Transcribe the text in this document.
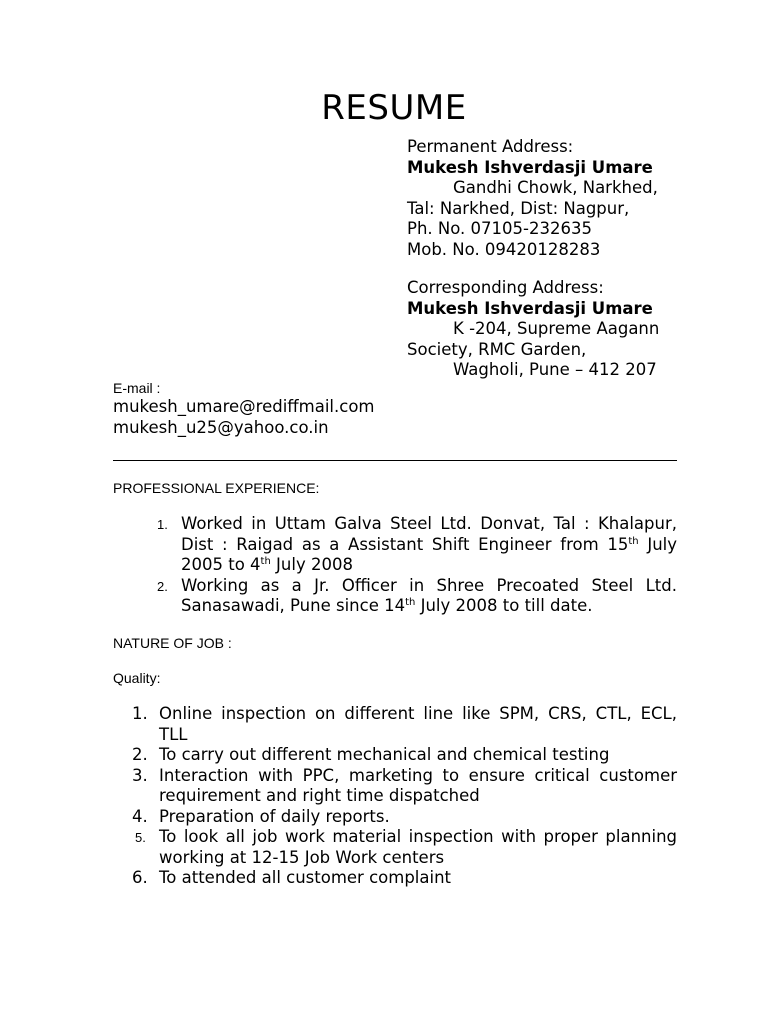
RESUME
Permanent Address:
Mukesh Ishverdasji Umare
Gandhi Chowk, Narkhed,
Tal: Narkhed, Dist: Nagpur,
Ph. No. 07105-232635
Mob. No. 09420128283
Corresponding Address:
Mukesh Ishverdasji Umare
K -204, Supreme Aagann
Society, RMC Garden,
Wagholi, Pune – 412 207
E-mail :
mukesh_umare@rediffmail.com
mukesh_u25@yahoo.co.in
PROFESSIONAL EXPERIENCE:
1. Worked in Uttam Galva Steel Ltd. Donvat, Tal : Khalapur, Dist : Raigad as a Assistant Shift Engineer from 15th July 2005 to 4th July 2008
2. Working as a Jr. Officer in Shree Precoated Steel Ltd. Sanasawadi, Pune since 14th July 2008 to till date.
NATURE OF JOB :
Quality:
1. Online inspection on different line like SPM, CRS, CTL, ECL, TLL
2. To carry out different mechanical and chemical testing
3. Interaction with PPC, marketing to ensure critical customer requirement and right time dispatched
4. Preparation of daily reports.
5. To look all job work material inspection with proper planning working at 12-15 Job Work centers
6. To attended all customer complaint
